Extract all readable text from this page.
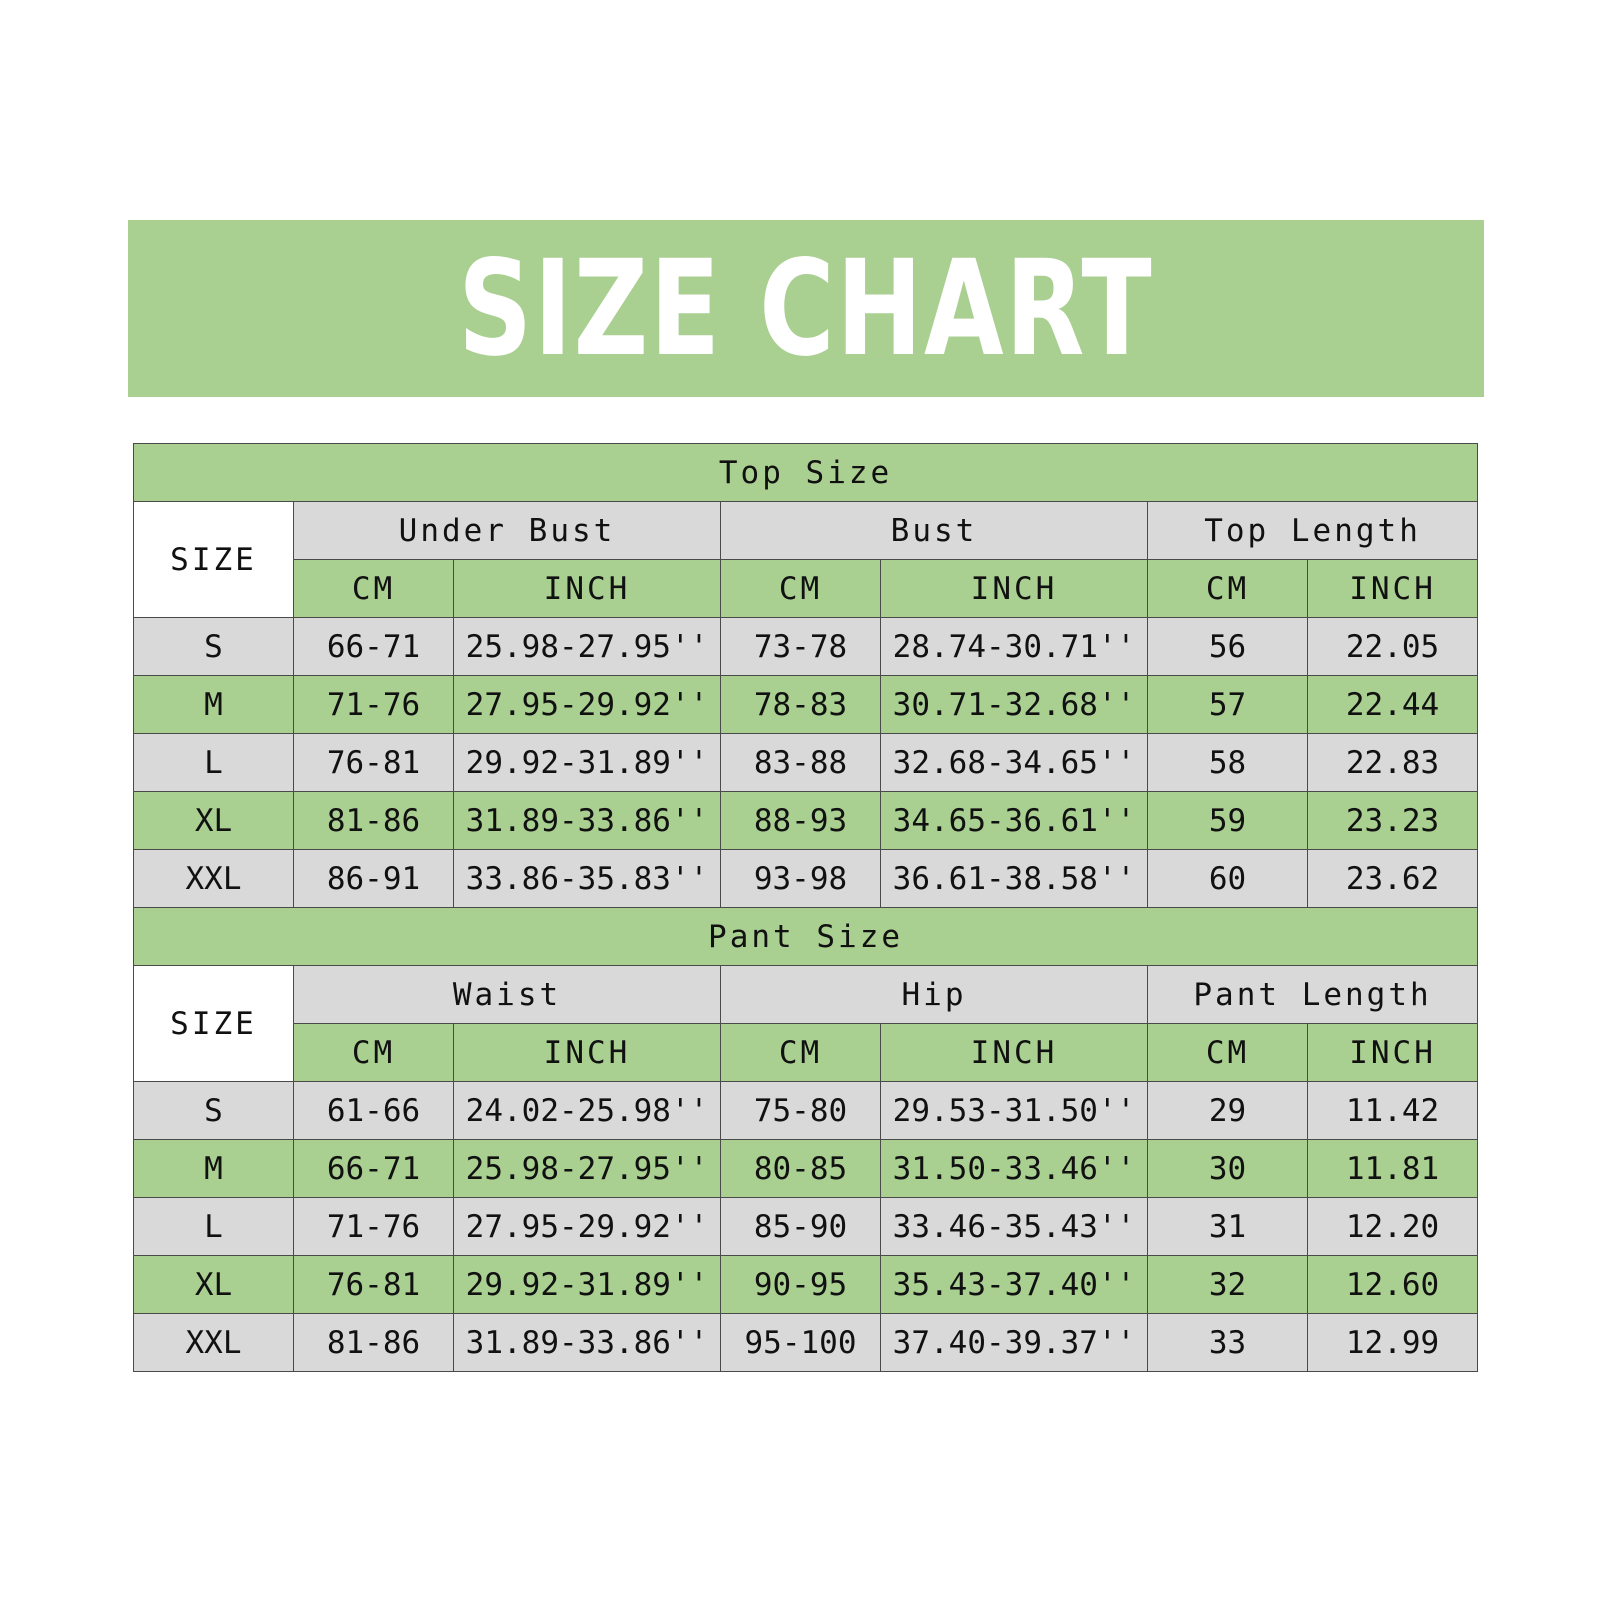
SIZE CHART
Top Size						
SIZE	Under Bust		Bust		Top Length	
	CM	INCH	CM	INCH	CM	INCH
S	66-71	25.98-27.95''	73-78	28.74-30.71''	56	22.05
M	71-76	27.95-29.92''	78-83	30.71-32.68''	57	22.44
L	76-81	29.92-31.89''	83-88	32.68-34.65''	58	22.83
XL	81-86	31.89-33.86''	88-93	34.65-36.61''	59	23.23
XXL	86-91	33.86-35.83''	93-98	36.61-38.58''	60	23.62
Pant Size						
SIZE	Waist		Hip		Pant Length	
	CM	INCH	CM	INCH	CM	INCH
S	61-66	24.02-25.98''	75-80	29.53-31.50''	29	11.42
M	66-71	25.98-27.95''	80-85	31.50-33.46''	30	11.81
L	71-76	27.95-29.92''	85-90	33.46-35.43''	31	12.20
XL	76-81	29.92-31.89''	90-95	35.43-37.40''	32	12.60
XXL	81-86	31.89-33.86''	95-100	37.40-39.37''	33	12.99
